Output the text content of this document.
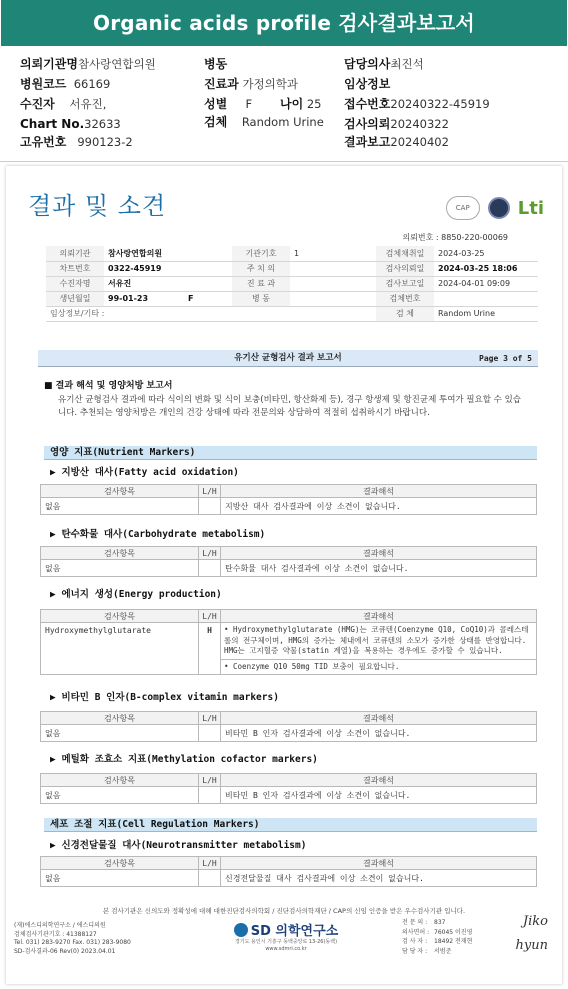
Organic acids profile 검사결과보고서
의뢰기관명참사랑연합의원	병동	담당의사최진석
병원코드 66169	진료과 가정의학과	임상정보
수진자 서유진,	성별 F 나이 25 접수번호20240322-45919
Chart No.32633	검체 Random Urine 검사의뢰20240322
고유번호 990123-2	결과보고20240402
결과 및 소견	CAP	Lti
의뢰번호 : 8850-220-00069
의뢰기관	참사랑연합의원	기관기호	1	검체채취일	2024-03-25
차트번호	0322-45919	주 치 의		검사의뢰일	2024-03-25 18:06
수진자명	서유진	진 료 과		검사보고일	2024-04-01 09:09
생년월일	99-01-23 F	병 동		검체번호	
임상정보/기타 :				검 체	Random Urine
유기산 균형검사 결과 보고서	Page 3 of 5
■ 결과 해석 및 영양처방 보고서
유기산 균형검사 결과에 따라 식이의 변화 및 식이 보충(비타민, 항산화제 등), 경구 항생제 및 항진균제 투여가 필요할 수 있습니다. 추천되는 영양처방은 개인의 건강 상태에 따라 전문의와 상담하여 적절히 섭취하시기 바랍니다.
영양 지표(Nutrient Markers)
▶ 지방산 대사(Fatty acid oxidation)
검사항목	L/H	결과해석
없음		지방산 대사 검사결과에 이상 소견이 없습니다.
▶ 탄수화물 대사(Carbohydrate metabolism)
검사항목	L/H	결과해석
없음		탄수화물 대사 검사결과에 이상 소견이 없습니다.
▶ 에너지 생성(Energy production)
검사항목	L/H	결과해석
Hydroxymethylglutarate	H	• Hydroxymethylglutarate (HMG)는 코큐텐(Coenzyme Q10, CoQ10)과 콜레스테롤의 전구체이며, HMG의 증가는 체내에서 코큐텐의 소모가 증가한 상태를 반영합니다. HMG는 고지혈증 약물(statin 계열)을 복용하는 경우에도 증가할 수 있습니다.
• Coenzyme Q10 50mg TID 보충이 필요합니다.
▶ 비타민 B 인자(B-complex vitamin markers)
검사항목	L/H	결과해석
없음		비타민 B 인자 검사결과에 이상 소견이 없습니다.
▶ 메틸화 조효소 지표(Methylation cofactor markers)
검사항목	L/H	결과해석
없음		비타민 B 인자 검사결과에 이상 소견이 없습니다.
세포 조절 지표(Cell Regulation Markers)
▶ 신경전달물질 대사(Neurotransmitter metabolism)
검사항목	L/H	결과해석
없음		신경전달물질 대사 검사결과에 이상 소견이 없습니다.
본 검사기관은 신의도와 정확성에 대해 대한진단검사의학회 / 진단검사의학재단 / CAP의 신임 인증을 받은 우수검사기관 입니다.
(재)에스디의학연구소 / 에스디의원
검체검사기관기호 : 41388127
Tel. 031) 283-9270 Fax. 031) 283-9080
SD-검사결과-06 Rev(0) 2023.04.01
SD 의학연구소
경기도 용인시 기흥구 동백중앙로 13-26(동백)
www.sdmri.co.kr
전 문 의 : 837
의사면허 : 76045 이진영
검 사 자 : 18492 전재현
담 당 자 : 서범준
Jiko
hyun
